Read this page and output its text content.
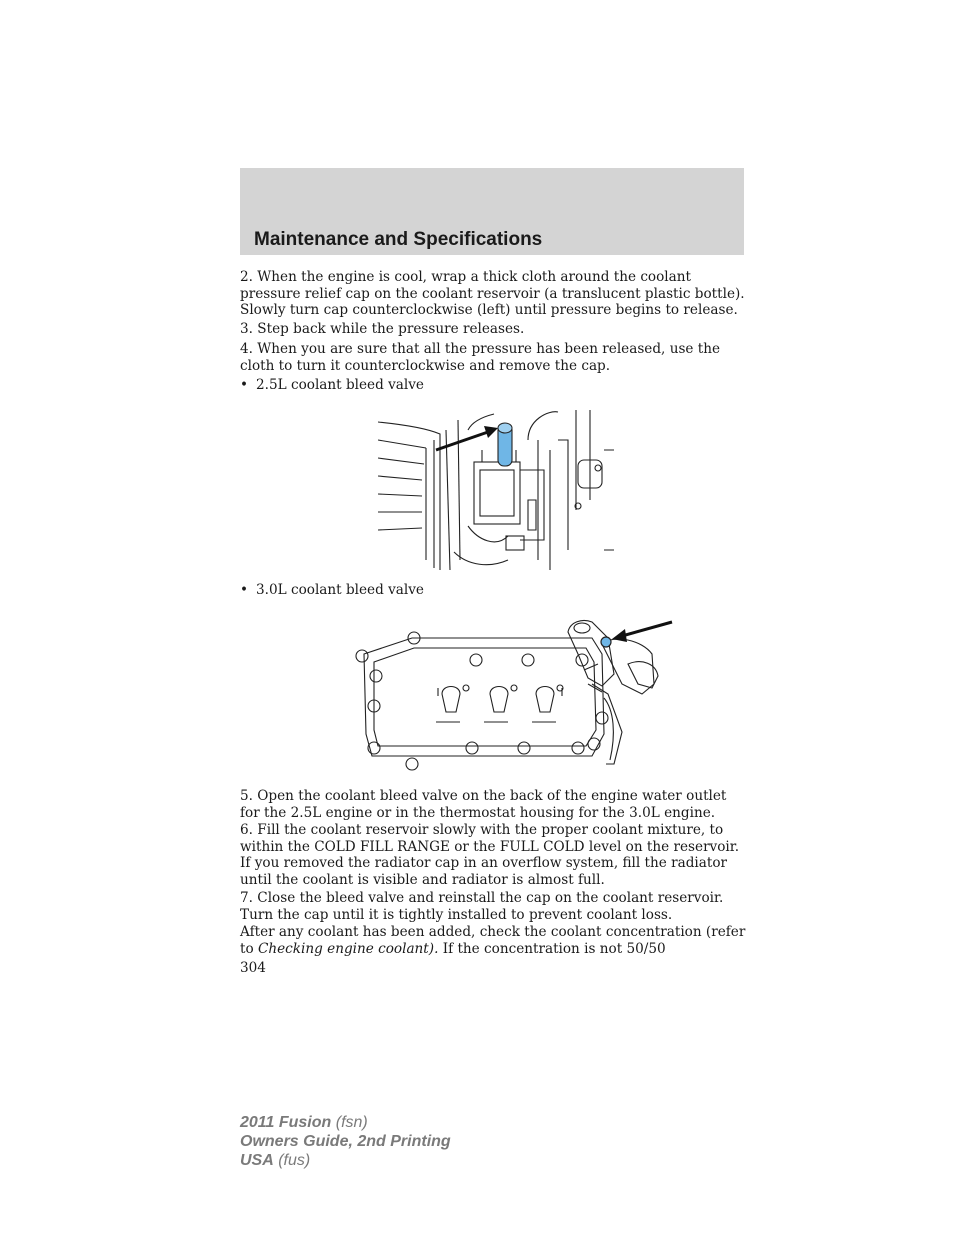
Maintenance and Specifications

2. When the engine is cool, wrap a thick cloth around the coolant pressure relief cap on the coolant reservoir (a translucent plastic bottle). Slowly turn cap counterclockwise (left) until pressure begins to release.

3. Step back while the pressure releases.

4. When you are sure that all the pressure has been released, use the cloth to turn it counterclockwise and remove the cap.

• 2.5L coolant bleed valve

• 3.0L coolant bleed valve

5. Open the coolant bleed valve on the back of the engine water outlet for the 2.5L engine or in the thermostat housing for the 3.0L engine.

6. Fill the coolant reservoir slowly with the proper coolant mixture, to within the COLD FILL RANGE or the FULL COLD level on the reservoir. If you removed the radiator cap in an overflow system, fill the radiator until the coolant is visible and radiator is almost full.

7. Close the bleed valve and reinstall the cap on the coolant reservoir. Turn the cap until it is tightly installed to prevent coolant loss.

After any coolant has been added, check the coolant concentration (refer to Checking engine coolant). If the concentration is not 50/50

304
2011 Fusion (fsn)
Owners Guide, 2nd Printing
USA (fus)
